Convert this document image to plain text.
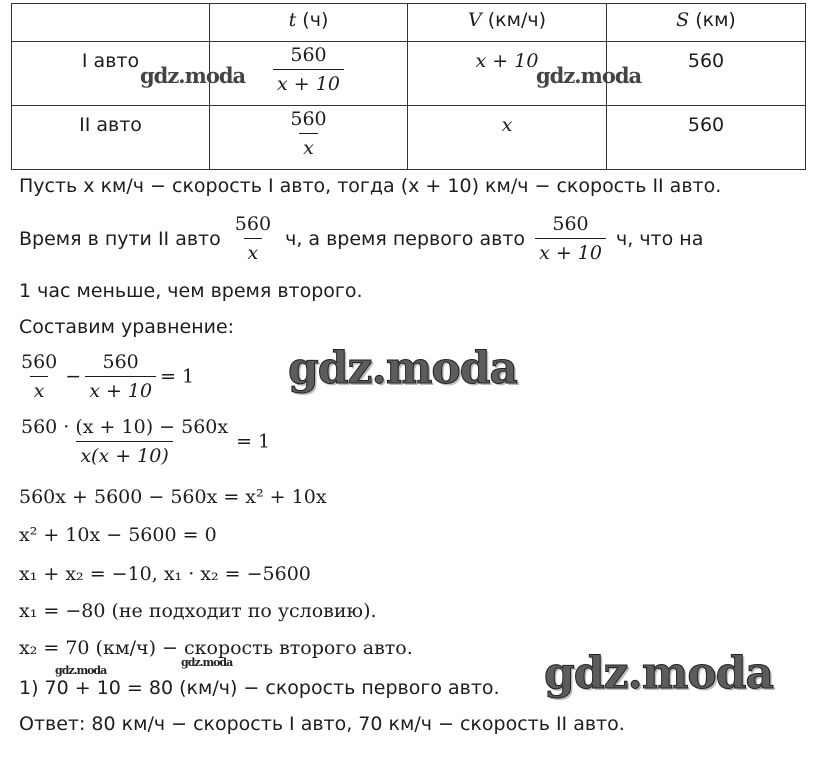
	t (ч)	V (км/ч)	S (км)

I авто	$\frac{560}{x + 10}$	x + 10	560

II авто	$\frac{560}{x}$	x	560
Пусть x км/ч − скорость I авто, тогда (x + 10) км/ч − скорость II авто.
Время в пути II авто $\frac{560}{x} ч$, а время первого авто $\frac{560}{x + 10} ч$, что на
1 час меньше, чем время второго.
Составим уравнение:
$\frac{560}{x} - \frac{560}{x + 10} = 1$
$\frac{560 \cdot (x + 10) - 560x}{x(x + 10)} = 1$
560x + 5600 − 560x = x² + 10x
x² + 10x − 5600 = 0
x₁ + x₂ = −10, x₁ · x₂ = −5600
x₁ = −80 (не подходит по условию).
x₂ = 70 (км/ч) − скорость второго авто.
1) 70 + 10 = 80 (км/ч) − скорость первого авто.
Ответ: 80 км/ч − скорость I авто, 70 км/ч − скорость II авто.
gdz.moda	gdz.moda
gdz.moda
gdz.moda
gdz.moda
gdz.moda
